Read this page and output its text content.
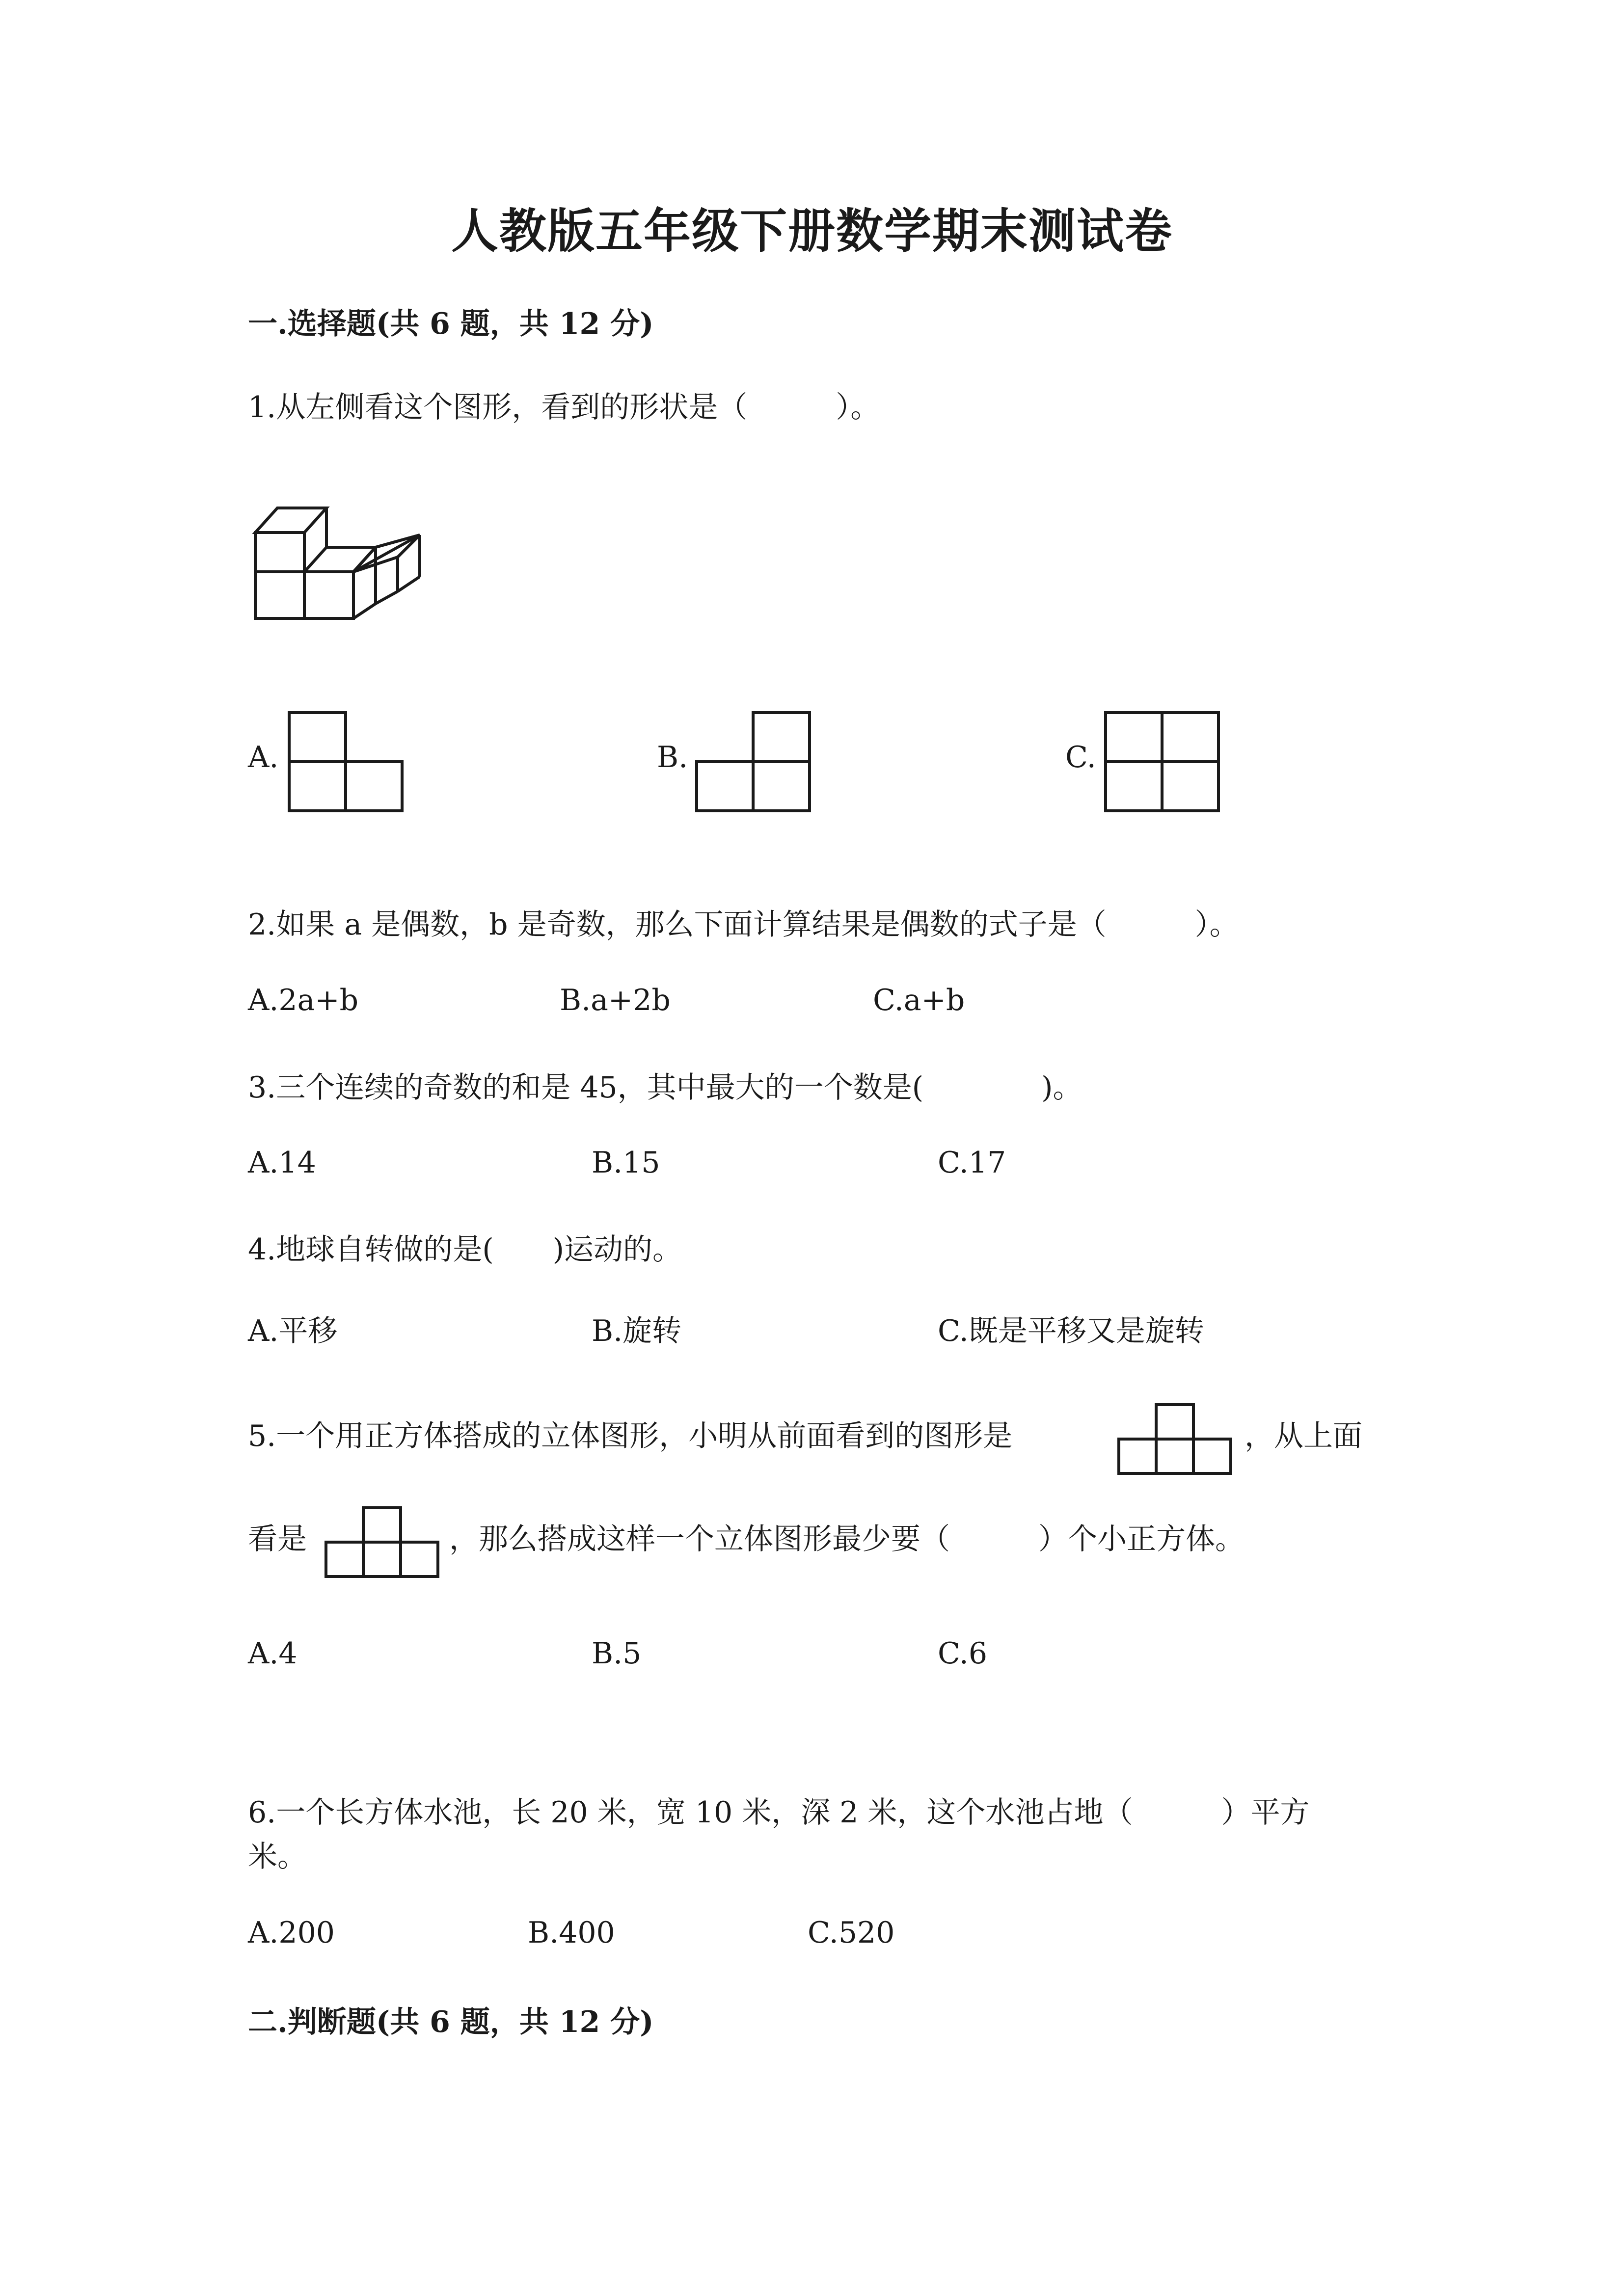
人教版五年级下册数学期末测试卷
一.选择题(共 6 题，共 12 分)
1.从左侧看这个图形，看到的形状是（　　　）。
A.	B.	C.
2.如果 a 是偶数，b 是奇数，那么下面计算结果是偶数的式子是（　　　）。
A.2a+b	B.a+2b	C.a+b
3.三个连续的奇数的和是 45，其中最大的一个数是(　　　　)。
A.14	B.15	C.17
4.地球自转做的是(　　)运动的。
A.平移	B.旋转	C.既是平移又是旋转
5.一个用正方体搭成的立体图形，小明从前面看到的图形是	，从上面
看是	，那么搭成这样一个立体图形最少要（　　　）个小正方体。
A.4	B.5	C.6
6.一个长方体水池，长 20 米，宽 10 米，深 2 米，这个水池占地（　　　）平方
米。
A.200	B.400	C.520
二.判断题(共 6 题，共 12 分)
